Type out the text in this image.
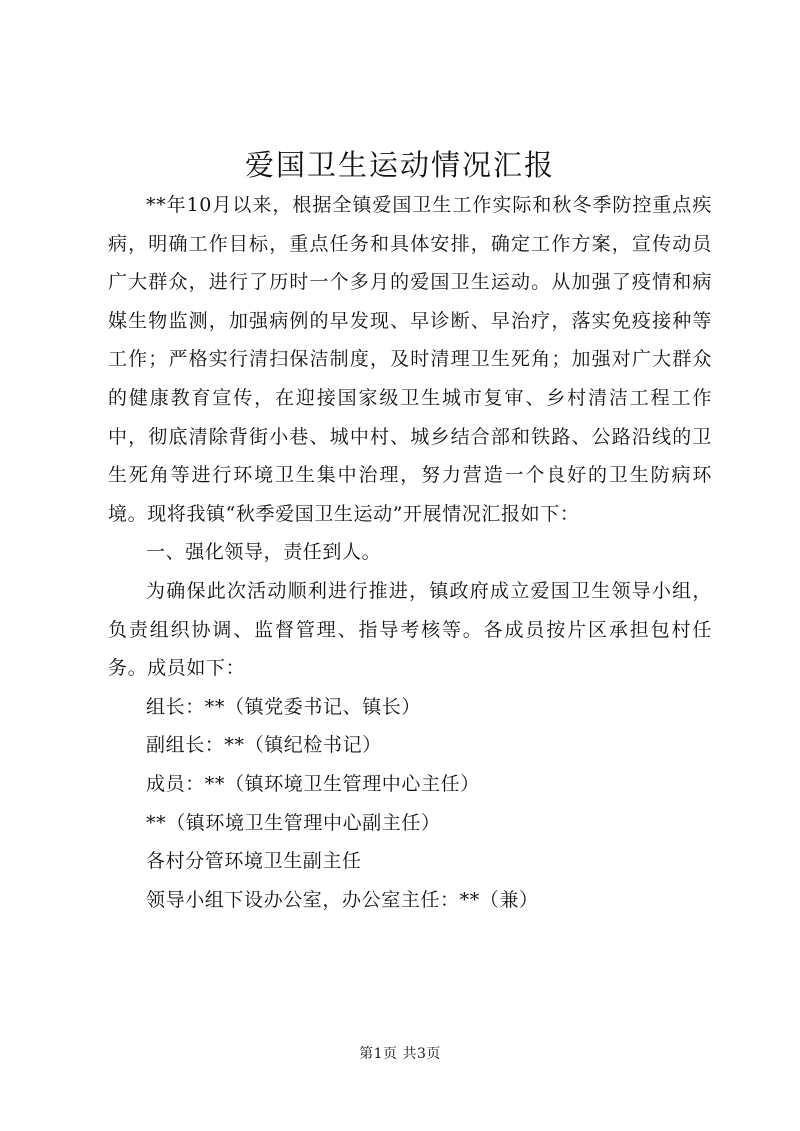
爱国卫生运动情况汇报

**年10月以来，根据全镇爱国卫生工作实际和秋冬季防控重点疾病，明确工作目标，重点任务和具体安排，确定工作方案，宣传动员广大群众，进行了历时一个多月的爱国卫生运动。从加强了疫情和病媒生物监测，加强病例的早发现、早诊断、早治疗，落实免疫接种等工作；严格实行清扫保洁制度，及时清理卫生死角；加强对广大群众的健康教育宣传，在迎接国家级卫生城市复审、乡村清洁工程工作中，彻底清除背街小巷、城中村、城乡结合部和铁路、公路沿线的卫生死角等进行环境卫生集中治理，努力营造一个良好的卫生防病环境。现将我镇“秋季爱国卫生运动”开展情况汇报如下：

一、强化领导，责任到人。

为确保此次活动顺利进行推进，镇政府成立爱国卫生领导小组，负责组织协调、监督管理、指导考核等。各成员按片区承担包村任务。成员如下：

组长：**（镇党委书记、镇长）

副组长：**（镇纪检书记）

成员：**（镇环境卫生管理中心主任）

**（镇环境卫生管理中心副主任）

各村分管环境卫生副主任

领导小组下设办公室，办公室主任：**（兼）

第1页 共3页
